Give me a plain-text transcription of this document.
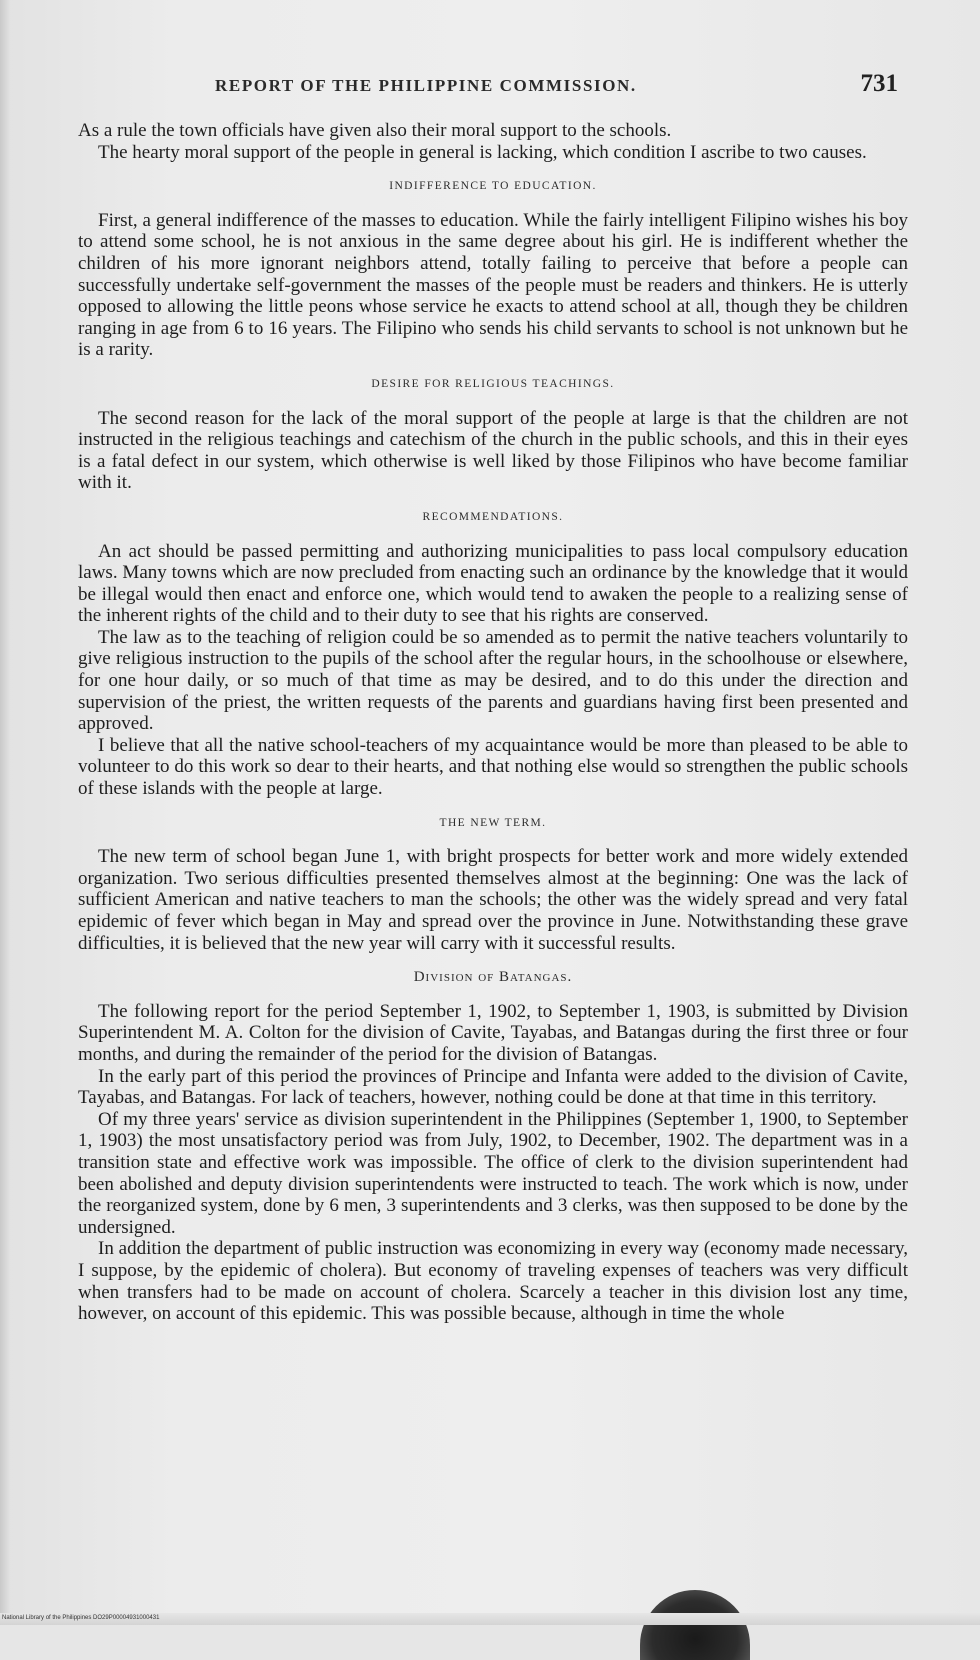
REPORT OF THE PHILIPPINE COMMISSION.	731

As a rule the town officials have given also their moral support to the schools.

The hearty moral support of the people in general is lacking, which condition I ascribe to two causes.

INDIFFERENCE TO EDUCATION.

First, a general indifference of the masses to education. While the fairly intelligent Filipino wishes his boy to attend some school, he is not anxious in the same degree about his girl. He is indifferent whether the children of his more ignorant neighbors attend, totally failing to perceive that before a people can successfully undertake self-government the masses of the people must be readers and thinkers. He is utterly opposed to allowing the little peons whose service he exacts to attend school at all, though they be children ranging in age from 6 to 16 years. The Filipino who sends his child servants to school is not unknown but he is a rarity.

DESIRE FOR RELIGIOUS TEACHINGS.

The second reason for the lack of the moral support of the people at large is that the children are not instructed in the religious teachings and catechism of the church in the public schools, and this in their eyes is a fatal defect in our system, which otherwise is well liked by those Filipinos who have become familiar with it.

RECOMMENDATIONS.

An act should be passed permitting and authorizing municipalities to pass local compulsory education laws. Many towns which are now precluded from enacting such an ordinance by the knowledge that it would be illegal would then enact and enforce one, which would tend to awaken the people to a realizing sense of the inherent rights of the child and to their duty to see that his rights are conserved.

The law as to the teaching of religion could be so amended as to permit the native teachers voluntarily to give religious instruction to the pupils of the school after the regular hours, in the schoolhouse or elsewhere, for one hour daily, or so much of that time as may be desired, and to do this under the direction and supervision of the priest, the written requests of the parents and guardians having first been presented and approved.

I believe that all the native school-teachers of my acquaintance would be more than pleased to be able to volunteer to do this work so dear to their hearts, and that nothing else would so strengthen the public schools of these islands with the people at large.

THE NEW TERM.

The new term of school began June 1, with bright prospects for better work and more widely extended organization. Two serious difficulties presented themselves almost at the beginning: One was the lack of sufficient American and native teachers to man the schools; the other was the widely spread and very fatal epidemic of fever which began in May and spread over the province in June. Notwithstanding these grave difficulties, it is believed that the new year will carry with it successful results.

Division of Batangas.

The following report for the period September 1, 1902, to September 1, 1903, is submitted by Division Superintendent M. A. Colton for the division of Cavite, Tayabas, and Batangas during the first three or four months, and during the remainder of the period for the division of Batangas.

In the early part of this period the provinces of Principe and Infanta were added to the division of Cavite, Tayabas, and Batangas. For lack of teachers, however, nothing could be done at that time in this territory.

Of my three years' service as division superintendent in the Philippines (September 1, 1900, to September 1, 1903) the most unsatisfactory period was from July, 1902, to December, 1902. The department was in a transition state and effective work was impossible. The office of clerk to the division superintendent had been abolished and deputy division superintendents were instructed to teach. The work which is now, under the reorganized system, done by 6 men, 3 superintendents and 3 clerks, was then supposed to be done by the undersigned.

In addition the department of public instruction was economizing in every way (economy made necessary, I suppose, by the epidemic of cholera). But economy of traveling expenses of teachers was very difficult when transfers had to be made on account of cholera. Scarcely a teacher in this division lost any time, however, on account of this epidemic. This was possible because, although in time the whole

National Library of the Philippines DO29P00004931000431
